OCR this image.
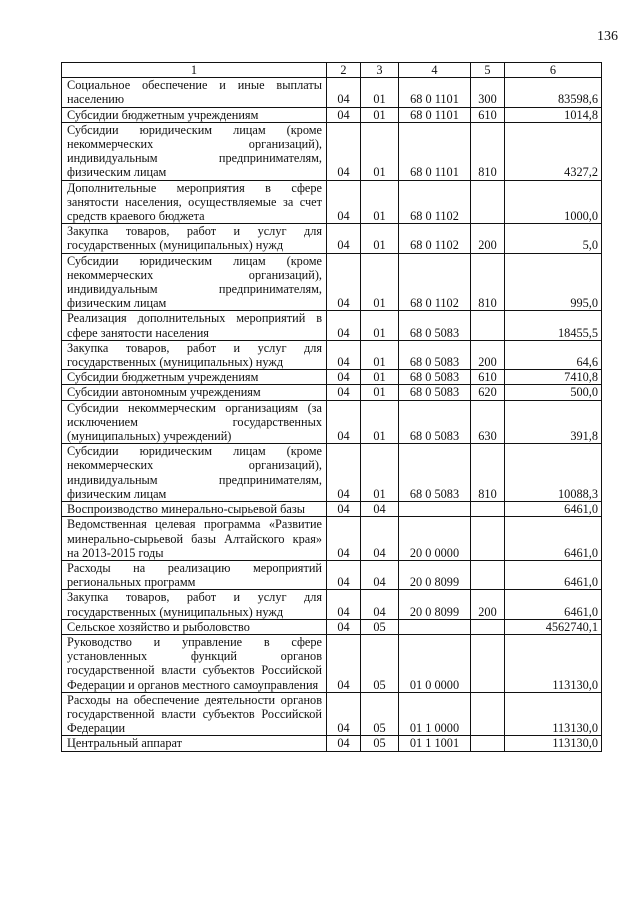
136
1	2	3	4	5	6
Социальное обеспечение и иные выплаты населению	04	01	68 0 1101	300	83598,6
Субсидии бюджетным учреждениям	04	01	68 0 1101	610	1014,8
Субсидии юридическим лицам (кроме некоммерческих организаций), индивидуальным предпринимателям, физическим лицам	04	01	68 0 1101	810	4327,2
Дополнительные мероприятия в сфере занятости населения, осуществляемые за счет средств краевого бюджета	04	01	68 0 1102		1000,0
Закупка товаров, работ и услуг для государственных (муниципальных) нужд	04	01	68 0 1102	200	5,0
Субсидии юридическим лицам (кроме некоммерческих организаций), индивидуальным предпринимателям, физическим лицам	04	01	68 0 1102	810	995,0
Реализация дополнительных мероприятий в сфере занятости населения	04	01	68 0 5083		18455,5
Закупка товаров, работ и услуг для государственных (муниципальных) нужд	04	01	68 0 5083	200	64,6
Субсидии бюджетным учреждениям	04	01	68 0 5083	610	7410,8
Субсидии автономным учреждениям	04	01	68 0 5083	620	500,0
Субсидии некоммерческим организациям (за исключением государственных (муниципальных) учреждений)	04	01	68 0 5083	630	391,8
Субсидии юридическим лицам (кроме некоммерческих организаций), индивидуальным предпринимателям, физическим лицам	04	01	68 0 5083	810	10088,3
Воспроизводство минерально-сырьевой базы	04	04			6461,0
Ведомственная целевая программа «Развитие минерально-сырьевой базы Алтайского края» на 2013-2015 годы	04	04	20 0 0000		6461,0
Расходы на реализацию мероприятий региональных программ	04	04	20 0 8099		6461,0
Закупка товаров, работ и услуг для государственных (муниципальных) нужд	04	04	20 0 8099	200	6461,0
Сельское хозяйство и рыболовство	04	05			4562740,1
Руководство и управление в сфере установленных функций органов государственной власти субъектов Российской Федерации и органов местного самоуправления	04	05	01 0 0000		113130,0
Расходы на обеспечение деятельности органов государственной власти субъектов Российской Федерации	04	05	01 1 0000		113130,0
Центральный аппарат	04	05	01 1 1001		113130,0
